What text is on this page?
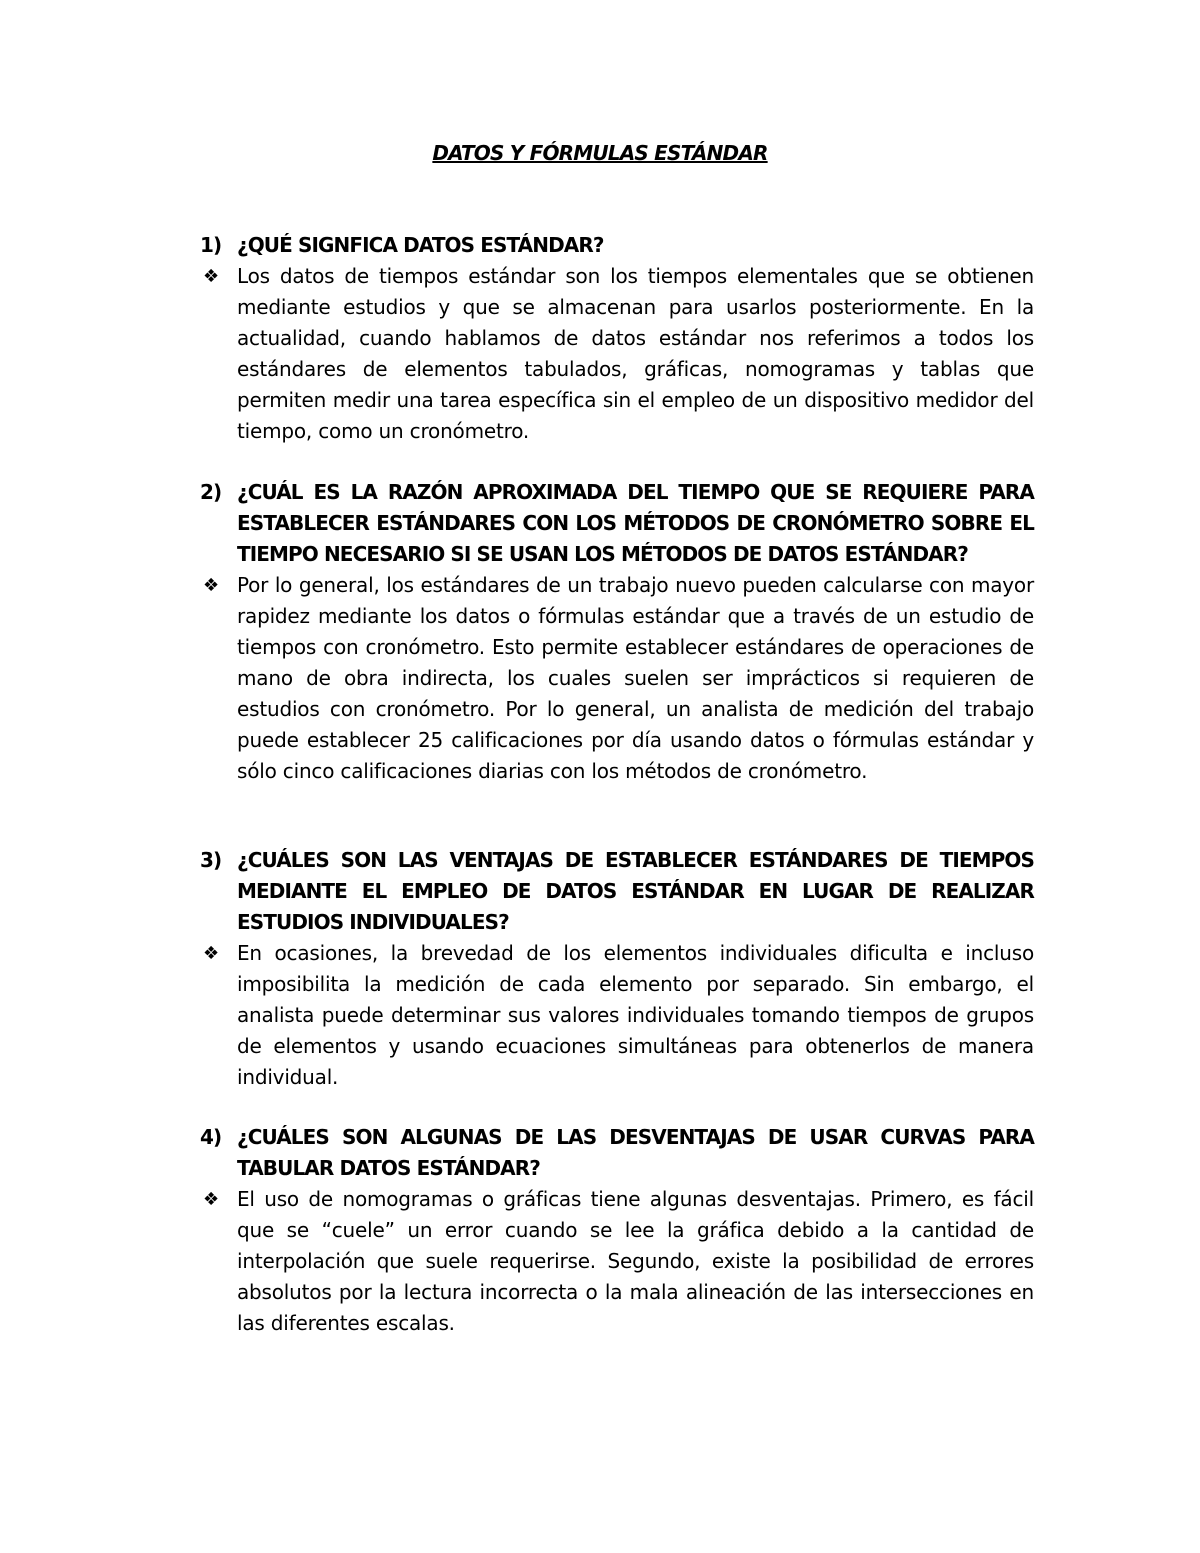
DATOS Y FÓRMULAS ESTÁNDAR
1) ¿QUÉ SIGNFICA DATOS ESTÁNDAR?
❖ Los datos de tiempos estándar son los tiempos elementales que se obtienen mediante estudios y que se almacenan para usarlos posteriormente. En la actualidad, cuando hablamos de datos estándar nos referimos a todos los estándares de elementos tabulados, gráficas, nomogramas y tablas que permiten medir una tarea específica sin el empleo de un dispositivo medidor del tiempo, como un cronómetro.
2) ¿CUÁL ES LA RAZÓN APROXIMADA DEL TIEMPO QUE SE REQUIERE PARA ESTABLECER ESTÁNDARES CON LOS MÉTODOS DE CRONÓMETRO SOBRE EL TIEMPO NECESARIO SI SE USAN LOS MÉTODOS DE DATOS ESTÁNDAR?
❖ Por lo general, los estándares de un trabajo nuevo pueden calcularse con mayor rapidez mediante los datos o fórmulas estándar que a través de un estudio de tiempos con cronómetro. Esto permite establecer estándares de operaciones de mano de obra indirecta, los cuales suelen ser imprácticos si requieren de estudios con cronómetro. Por lo general, un analista de medición del trabajo puede establecer 25 calificaciones por día usando datos o fórmulas estándar y sólo cinco calificaciones diarias con los métodos de cronómetro.
3) ¿CUÁLES SON LAS VENTAJAS DE ESTABLECER ESTÁNDARES DE TIEMPOS MEDIANTE EL EMPLEO DE DATOS ESTÁNDAR EN LUGAR DE REALIZAR ESTUDIOS INDIVIDUALES?
❖ En ocasiones, la brevedad de los elementos individuales dificulta e incluso imposibilita la medición de cada elemento por separado. Sin embargo, el analista puede determinar sus valores individuales tomando tiempos de grupos de elementos y usando ecuaciones simultáneas para obtenerlos de manera individual.
4) ¿CUÁLES SON ALGUNAS DE LAS DESVENTAJAS DE USAR CURVAS PARA TABULAR DATOS ESTÁNDAR?
❖ El uso de nomogramas o gráficas tiene algunas desventajas. Primero, es fácil que se “cuele” un error cuando se lee la gráfica debido a la cantidad de interpolación que suele requerirse. Segundo, existe la posibilidad de errores absolutos por la lectura incorrecta o la mala alineación de las intersecciones en las diferentes escalas.
